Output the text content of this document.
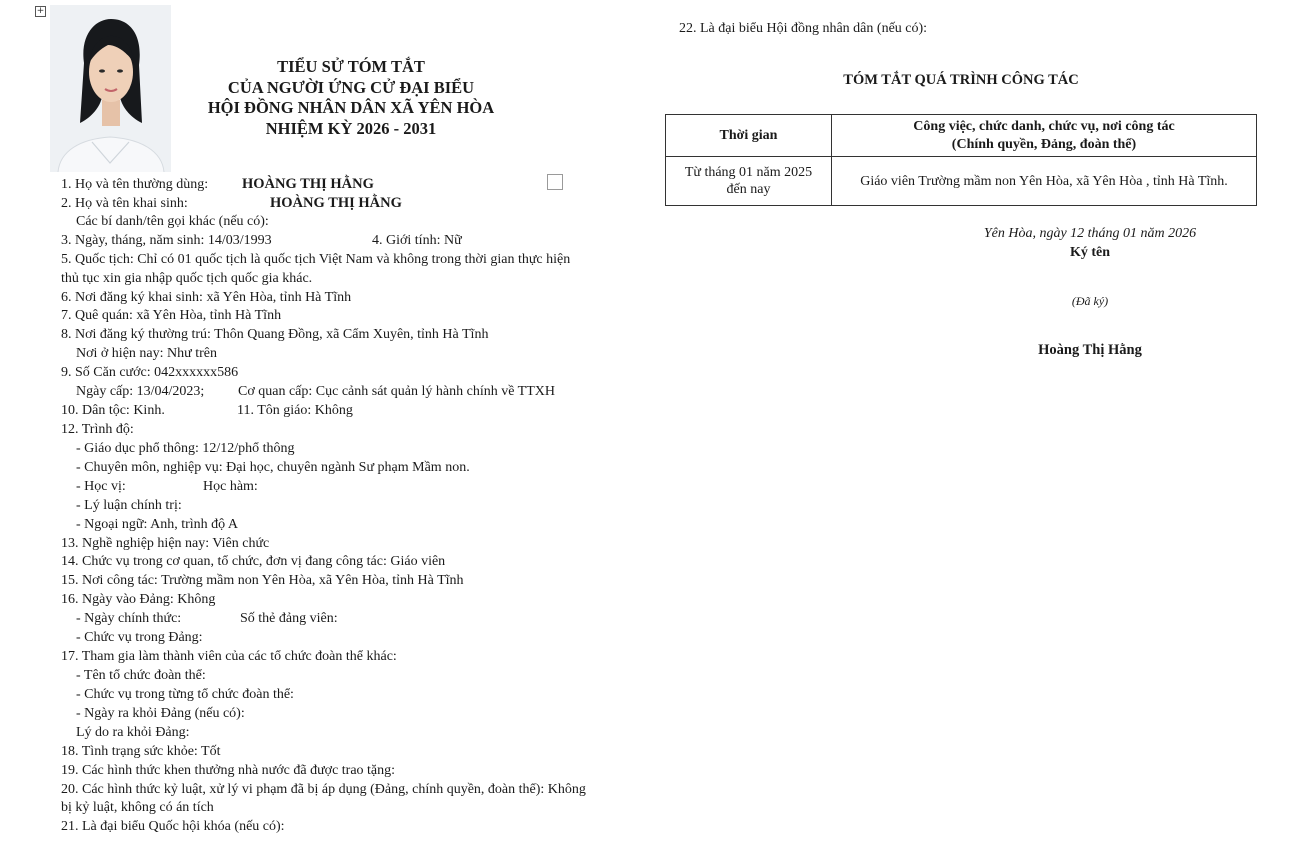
+
TIỂU SỬ TÓM TẮT
CỦA NGƯỜI ỨNG CỬ ĐẠI BIỂU
HỘI ĐỒNG NHÂN DÂN XÃ YÊN HÒA
NHIỆM KỲ 2026 - 2031
1. Họ và tên thường dùng: HOÀNG THỊ HẰNG
2. Họ và tên khai sinh:	HOÀNG THỊ HẰNG
Các bí danh/tên gọi khác (nếu có):
3. Ngày, tháng, năm sinh: 14/03/1993	4. Giới tính: Nữ
5. Quốc tịch: Chỉ có 01 quốc tịch là quốc tịch Việt Nam và không trong thời gian thực hiện
thủ tục xin gia nhập quốc tịch quốc gia khác.
6. Nơi đăng ký khai sinh: xã Yên Hòa, tỉnh Hà Tĩnh
7. Quê quán: xã Yên Hòa, tỉnh Hà Tĩnh
8. Nơi đăng ký thường trú: Thôn Quang Đồng, xã Cẩm Xuyên, tỉnh Hà Tĩnh
Nơi ở hiện nay: Như trên
9. Số Căn cước: 042xxxxxx586
Ngày cấp: 13/04/2023; Cơ quan cấp: Cục cảnh sát quản lý hành chính về TTXH
10. Dân tộc: Kinh.	11. Tôn giáo: Không
12. Trình độ:
- Giáo dục phổ thông: 12/12/phổ thông
- Chuyên môn, nghiệp vụ: Đại học, chuyên ngành Sư phạm Mầm non.
- Học vị:	Học hàm:
- Lý luận chính trị:
- Ngoại ngữ: Anh, trình độ A
13. Nghề nghiệp hiện nay: Viên chức
14. Chức vụ trong cơ quan, tổ chức, đơn vị đang công tác: Giáo viên
15. Nơi công tác: Trường mầm non Yên Hòa, xã Yên Hòa, tỉnh Hà Tĩnh
16. Ngày vào Đảng: Không
- Ngày chính thức:	Số thẻ đảng viên:
- Chức vụ trong Đảng:
17. Tham gia làm thành viên của các tổ chức đoàn thể khác:
- Tên tổ chức đoàn thể:
- Chức vụ trong từng tổ chức đoàn thể:
- Ngày ra khỏi Đảng (nếu có):
Lý do ra khỏi Đảng:
18. Tình trạng sức khỏe: Tốt
19. Các hình thức khen thưởng nhà nước đã được trao tặng:
20. Các hình thức kỷ luật, xử lý vi phạm đã bị áp dụng (Đảng, chính quyền, đoàn thể): Không
bị kỷ luật, không có án tích
21. Là đại biểu Quốc hội khóa (nếu có):
22. Là đại biểu Hội đồng nhân dân (nếu có):
TÓM TẮT QUÁ TRÌNH CÔNG TÁC
Thời gian	Công việc, chức danh, chức vụ, nơi công tác
(Chính quyền, Đảng, đoàn thể)

Từ tháng 01 năm 2025
đến nay	Giáo viên Trường mầm non Yên Hòa, xã Yên Hòa , tỉnh Hà Tĩnh.
Yên Hòa, ngày 12 tháng 01 năm 2026
Ký tên
(Đã ký)
Hoàng Thị Hằng
